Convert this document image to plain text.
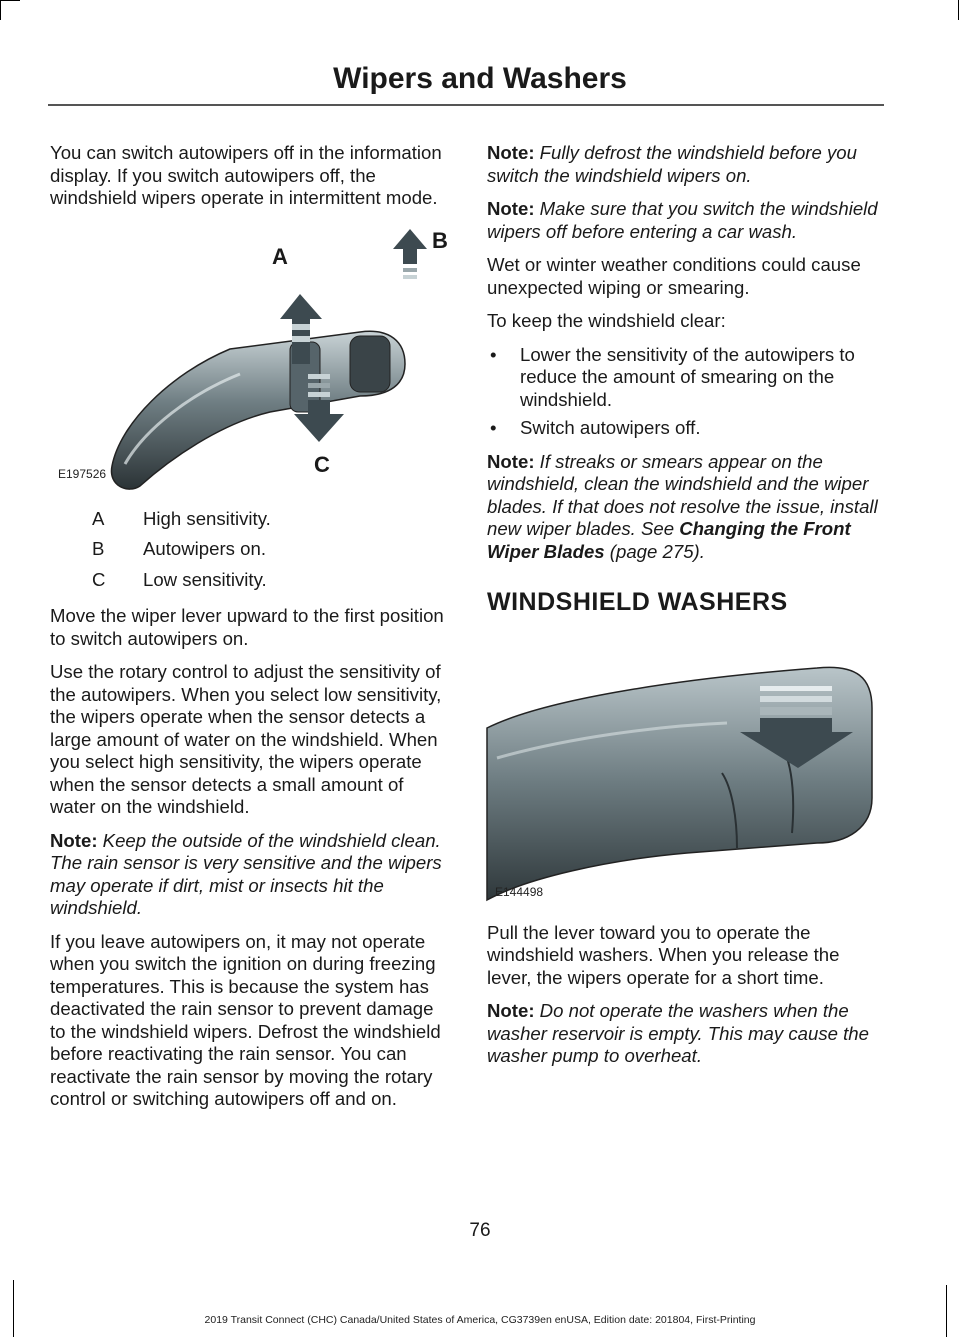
Wipers and Washers

You can switch autowipers off in the information display. If you switch autowipers off, the windshield wipers operate in intermittent mode.

A
B
C
E197526
A	High sensitivity.
B	Autowipers on.
C	Low sensitivity.

Move the wiper lever upward to the first position to switch autowipers on.

Use the rotary control to adjust the sensitivity of the autowipers. When you select low sensitivity, the wipers operate when the sensor detects a large amount of water on the windshield. When you select high sensitivity, the wipers operate when the sensor detects a small amount of water on the windshield.

Note: Keep the outside of the windshield clean. The rain sensor is very sensitive and the wipers may operate if dirt, mist or insects hit the windshield.

If you leave autowipers on, it may not operate when you switch the ignition on during freezing temperatures. This is because the system has deactivated the rain sensor to prevent damage to the windshield wipers. Defrost the windshield before reactivating the rain sensor. You can reactivate the rain sensor by moving the rotary control or switching autowipers off and on.

Note: Fully defrost the windshield before you switch the windshield wipers on.

Note: Make sure that you switch the windshield wipers off before entering a car wash.

Wet or winter weather conditions could cause unexpected wiping or smearing.

To keep the windshield clear:

• Lower the sensitivity of the autowipers to reduce the amount of smearing on the windshield.
• Switch autowipers off.

Note: If streaks or smears appear on the windshield, clean the windshield and the wiper blades. If that does not resolve the issue, install new wiper blades. See Changing the Front Wiper Blades (page 275).

WINDSHIELD WASHERS
E144498

Pull the lever toward you to operate the windshield washers. When you release the lever, the wipers operate for a short time.

Note: Do not operate the washers when the washer reservoir is empty. This may cause the washer pump to overheat.

76
2019 Transit Connect (CHC) Canada/United States of America, CG3739en enUSA, Edition date: 201804, First-Printing
